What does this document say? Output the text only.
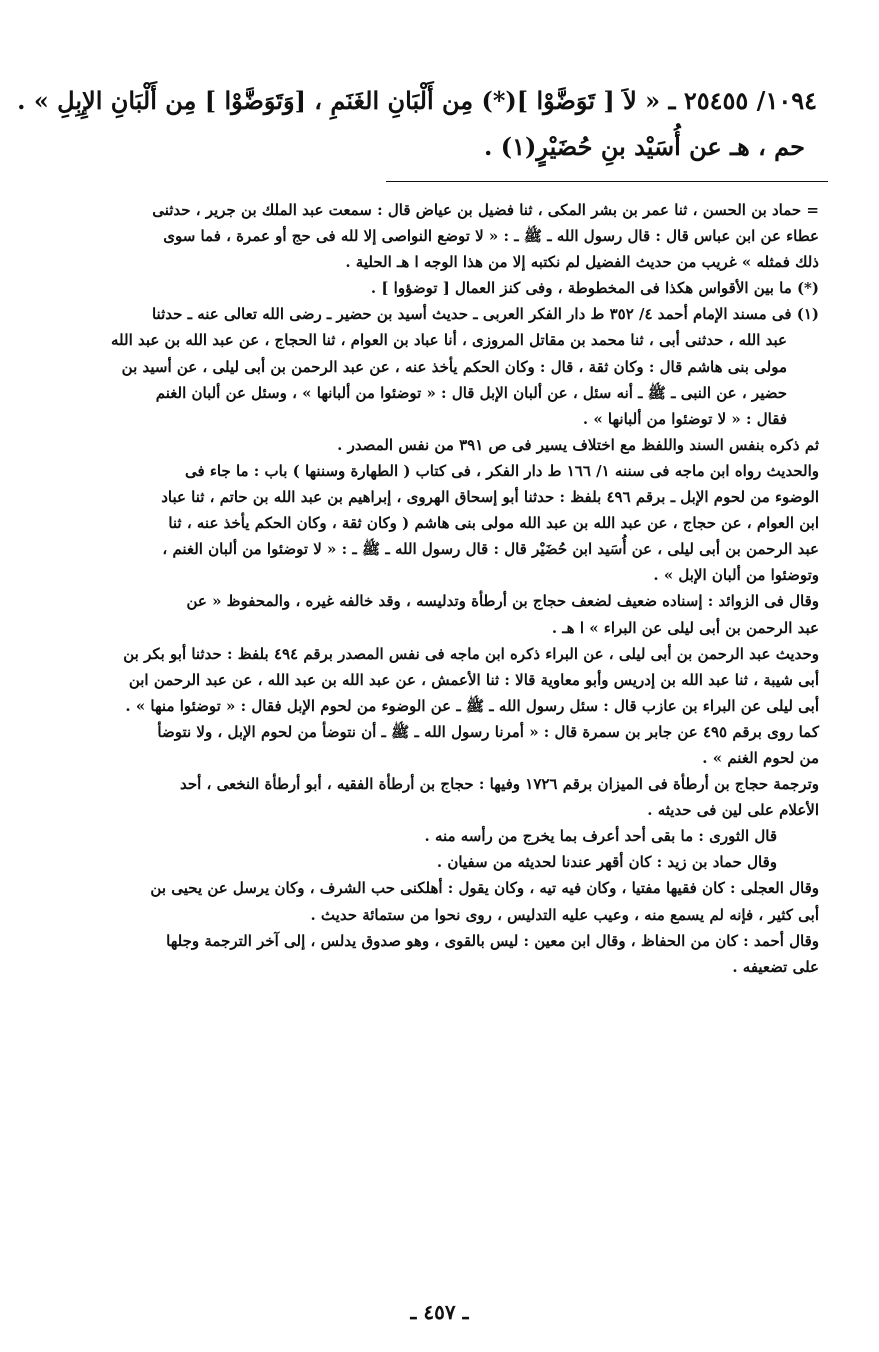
١٠٩٤/ ٢٥٤٥٥ ـ « لاَ [ تَوَضَّوْا ](*) مِن أَلْبَانِ الغَنَمِ ، [وَتَوَضَّوْا ] مِن أَلْبَانِ الإِبِلِ » .
حم ، هـ عن أُسَيْد بنِ حُضَيْرٍ(١) .

= حماد بن الحسن ، ثنا عمر بن بشر المكى ، ثنا فضيل بن عياض قال : سمعت عبد الملك بن جرير ، حدثنى

عطاء عن ابن عباس قال : قال رسول الله ـ ﷺ ـ : « لا توضع النواصى إلا لله فى حج أو عمرة ، فما سوى

ذلك فمثله » غريب من حديث الفضيل لم نكتبه إلا من هذا الوجه ا هـ الحلية .

(*) ما بين الأقواس هكذا فى المخطوطة ، وفى كنز العمال [ توضؤوا ] .

(١) فى مسند الإمام أحمد ٤/ ٣٥٢ ط دار الفكر العربى ـ حديث أسيد بن حضير ـ رضى الله تعالى عنه ـ حدثنا

عبد الله ، حدثنى أبى ، ثنا محمد بن مقاتل المروزى ، أنا عباد بن العوام ، ثنا الحجاج ، عن عبد الله بن عبد الله

مولى بنى هاشم قال : وكان ثقة ، قال : وكان الحكم يأخذ عنه ، عن عبد الرحمن بن أبى ليلى ، عن أسيد بن

حضير ، عن النبى ـ ﷺ ـ أنه سئل ، عن ألبان الإبل قال : « توضئوا من ألبانها » ، وسئل عن ألبان الغنم

فقال : « لا توضئوا من ألبانها » .

ثم ذكره بنفس السند واللفظ مع اختلاف يسير فى ص ٣٩١ من نفس المصدر .

والحديث رواه ابن ماجه فى سننه ١/ ١٦٦ ط دار الفكر ، فى كتاب ( الطهارة وسننها ) باب : ما جاء فى

الوضوء من لحوم الإبل ـ برقم ٤٩٦ بلفظ : حدثنا أبو إسحاق الهروى ، إبراهيم بن عبد الله بن حاتم ، ثنا عباد

ابن العوام ، عن حجاج ، عن عبد الله بن عبد الله مولى بنى هاشم ( وكان ثقة ، وكان الحكم يأخذ عنه ، ثنا

عبد الرحمن بن أبى ليلى ، عن أُسَيد ابن حُضَيْر قال : قال رسول الله ـ ﷺ ـ : « لا توضئوا من ألبان الغنم ،

وتوضئوا من ألبان الإبل » .

وقال فى الزوائد : إسناده ضعيف لضعف حجاج بن أرطأة وتدليسه ، وقد خالفه غيره ، والمحفوظ « عن

عبد الرحمن بن أبى ليلى عن البراء » ا هـ .

وحديث عبد الرحمن بن أبى ليلى ، عن البراء ذكره ابن ماجه فى نفس المصدر برقم ٤٩٤ بلفظ : حدثنا أبو بكر بن

أبى شيبة ، ثنا عبد الله بن إدريس وأبو معاوية قالا : ثنا الأعمش ، عن عبد الله بن عبد الله ، عن عبد الرحمن ابن

أبى ليلى عن البراء بن عازب قال : سئل رسول الله ـ ﷺ ـ عن الوضوء من لحوم الإبل فقال : « توضئوا منها » .

كما روى برقم ٤٩٥ عن جابر بن سمرة قال : « أمرنا رسول الله ـ ﷺ ـ أن نتوضأ من لحوم الإبل ، ولا نتوضأ

من لحوم الغنم » .

وترجمة حجاج بن أرطأة فى الميزان برقم ١٧٢٦ وفيها : حجاج بن أرطأة الفقيه ، أبو أرطأة النخعى ، أحد

الأعلام على لين فى حديثه .

قال الثورى : ما بقى أحد أعرف بما يخرج من رأسه منه .

وقال حماد بن زيد : كان أقهر عندنا لحديثه من سفيان .

وقال العجلى : كان فقيها مفتيا ، وكان فيه تيه ، وكان يقول : أهلكنى حب الشرف ، وكان يرسل عن يحيى بن

أبى كثير ، فإنه لم يسمع منه ، وعيب عليه التدليس ، روى نحوا من ستمائة حديث .

وقال أحمد : كان من الحفاظ ، وقال ابن معين : ليس بالقوى ، وهو صدوق يدلس ، إلى آخر الترجمة وجلها

على تضعيفه .

ـ ٤٥٧ ـ
